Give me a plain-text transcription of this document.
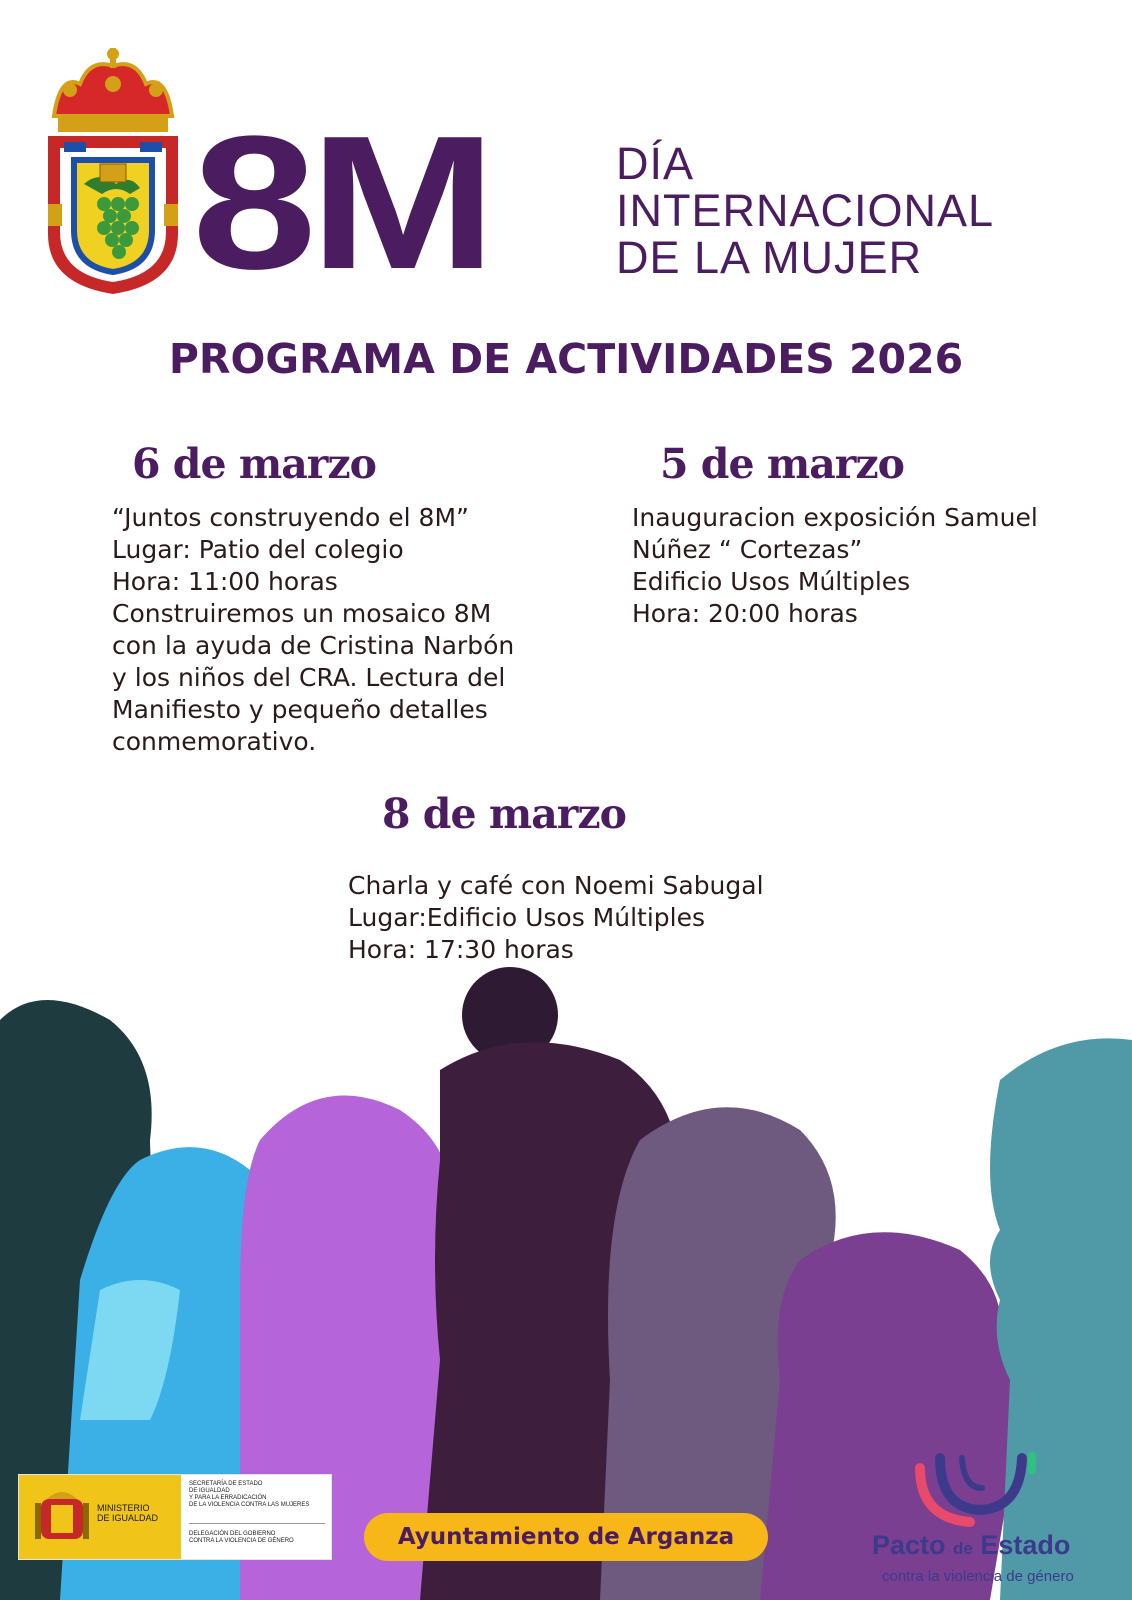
8M	DÍA
INTERNACIONAL
DE LA MUJER
PROGRAMA DE ACTIVIDADES 2026
6 de marzo
“Juntos construyendo el 8M”
Lugar: Patio del colegio
Hora: 11:00 horas
Construiremos un mosaico 8M
con la ayuda de Cristina Narbón
y los niños del CRA. Lectura del
Manifiesto y pequeño detalles
conmemorativo.
5 de marzo
Inauguracion exposición Samuel
Núñez “ Cortezas”
Edificio Usos Múltiples
Hora: 20:00 horas
8 de marzo
Charla y café con Noemi Sabugal
Lugar:Edificio Usos Múltiples
Hora: 17:30 horas
MINISTERIO
DE IGUALDAD
SECRETARÍA DE ESTADO
DE IGUALDAD
Y PARA LA ERRADICACIÓN
DE LA VIOLENCIA CONTRA LAS MUJERES
DELEGACIÓN DEL GOBIERNO
CONTRA LA VIOLENCIA DE GÉNERO	Ayuntamiento de Arganza	Pacto de Estado
contra la violencia de género
